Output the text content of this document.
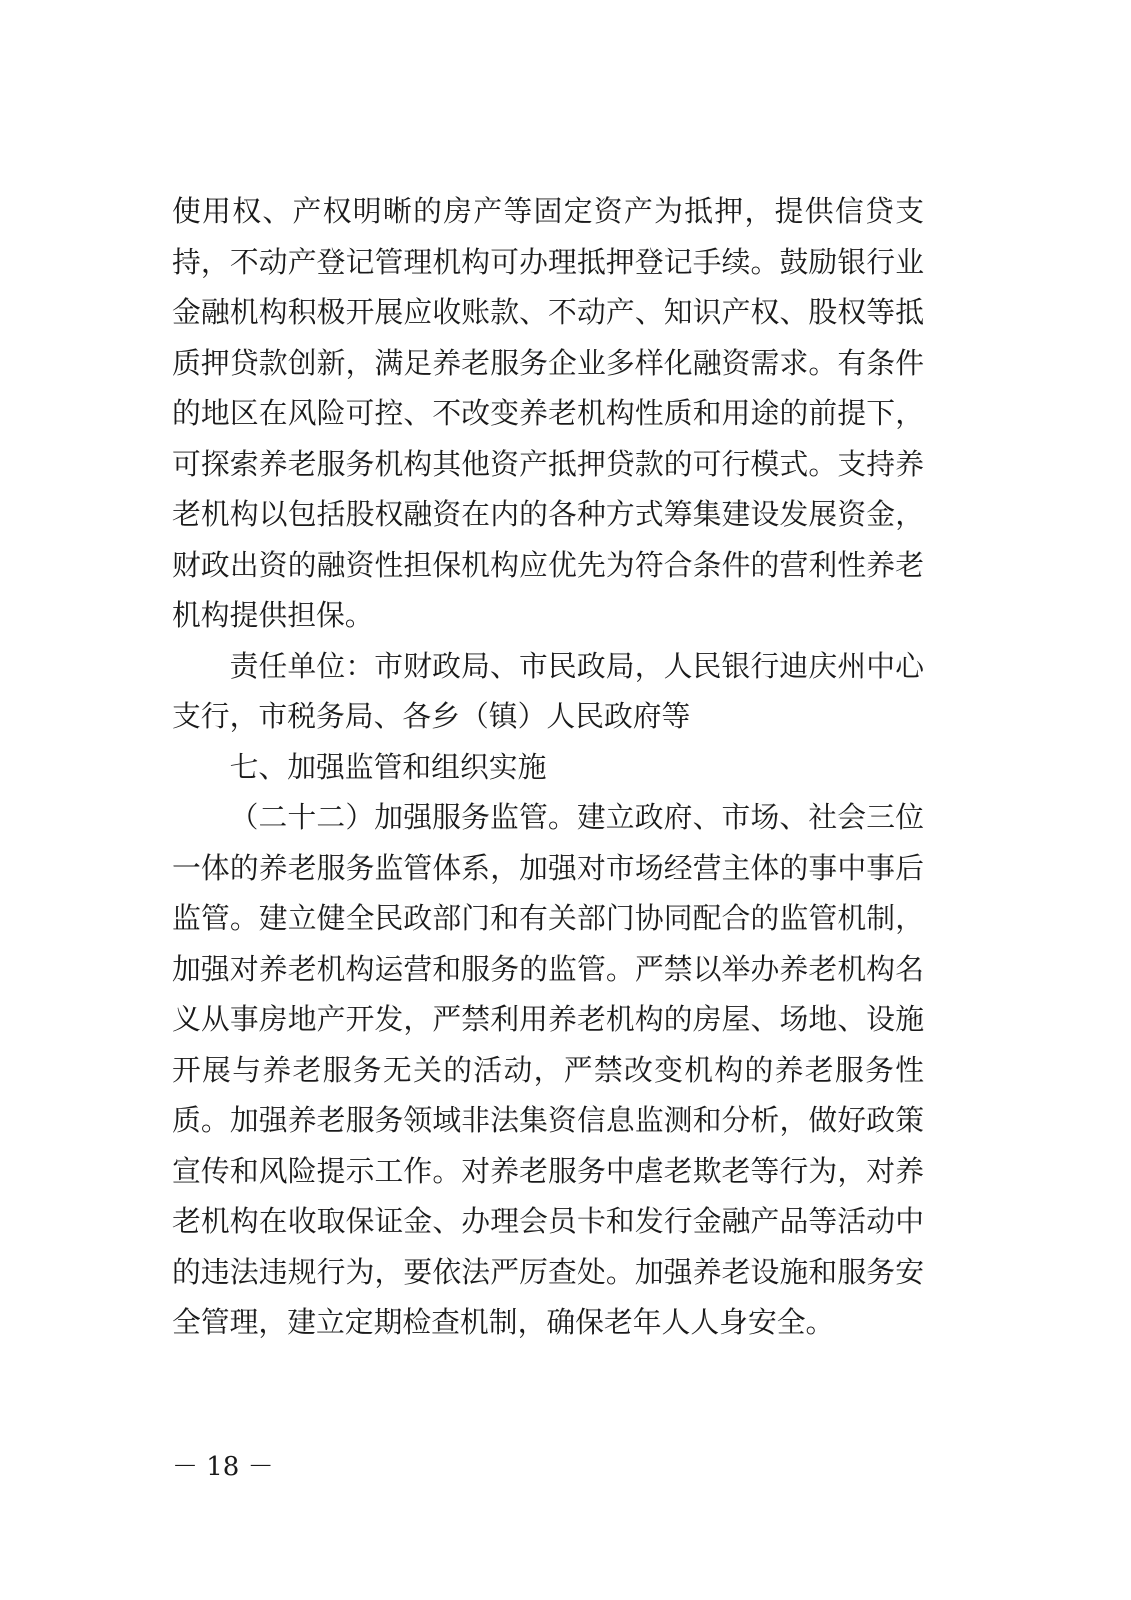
使用权、产权明晰的房产等固定资产为抵押，提供信贷支持，不动产登记管理机构可办理抵押登记手续。鼓励银行业金融机构积极开展应收账款、不动产、知识产权、股权等抵质押贷款创新，满足养老服务企业多样化融资需求。有条件的地区在风险可控、不改变养老机构性质和用途的前提下，可探索养老服务机构其他资产抵押贷款的可行模式。支持养老机构以包括股权融资在内的各种方式筹集建设发展资金，财政出资的融资性担保机构应优先为符合条件的营利性养老机构提供担保。

责任单位：市财政局、市民政局，人民银行迪庆州中心支行，市税务局、各乡（镇）人民政府等

七、加强监管和组织实施

（二十二）加强服务监管。建立政府、市场、社会三位一体的养老服务监管体系，加强对市场经营主体的事中事后监管。建立健全民政部门和有关部门协同配合的监管机制，加强对养老机构运营和服务的监管。严禁以举办养老机构名义从事房地产开发，严禁利用养老机构的房屋、场地、设施开展与养老服务无关的活动，严禁改变机构的养老服务性质。加强养老服务领域非法集资信息监测和分析，做好政策宣传和风险提示工作。对养老服务中虐老欺老等行为，对养老机构在收取保证金、办理会员卡和发行金融产品等活动中的违法违规行为，要依法严厉查处。加强养老设施和服务安全管理，建立定期检查机制，确保老年人人身安全。

－ 18 －
